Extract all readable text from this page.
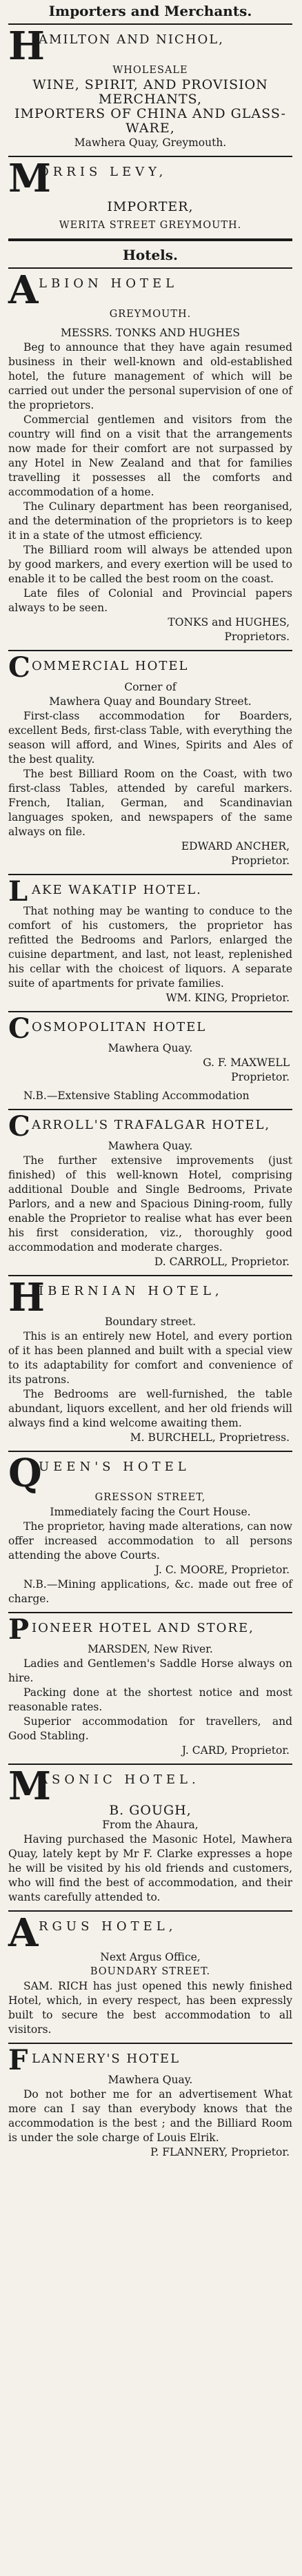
Importers and Merchants.
H
AMILTON AND NICHOL,

WHOLESALE

WINE, SPIRIT, AND PROVISION

MERCHANTS,

IMPORTERS OF CHINA AND GLASS-

WARE,

Mawhera Quay, Greymouth.

M
ORRIS LEVY,

IMPORTER,

WERITA STREET GREYMOUTH.

Hotels.
A LBION HOTEL

GREYMOUTH.

MESSRS. TONKS AND HUGHES

Beg to announce that they have again resumed business in their well-known and old-established hotel, the future management of which will be carried out under the personal supervision of one of the proprietors.

Commercial gentlemen and visitors from the country will find on a visit that the arrangements now made for their comfort are not surpassed by any Hotel in New Zealand and that for families travelling it possesses all the comforts and accommodation of a home.

The Culinary department has been reorganised, and the determination of the proprietors is to keep it in a state of the utmost efficiency.

The Billiard room will always be attended upon by good markers, and every exertion will be used to enable it to be called the best room on the coast.

Late files of Colonial and Provincial papers always to be seen.

TONKS and HUGHES,

Proprietors.

C OMMERCIAL HOTEL

Corner of

Mawhera Quay and Boundary Street.

First-class accommodation for Boarders, excellent Beds, first-class Table, with everything the season will afford, and Wines, Spirits and Ales of the best quality.

The best Billiard Room on the Coast, with two first-class Tables, attended by careful markers. French, Italian, German, and Scandinavian languages spoken, and newspapers of the same always on file.

EDWARD ANCHER,

Proprietor.

L AKE WAKATIP HOTEL.

That nothing may be wanting to conduce to the comfort of his customers, the proprietor has refitted the Bedrooms and Parlors, enlarged the cuisine department, and last, not least, replenished his cellar with the choicest of liquors. A separate suite of apartments for private families.

WM. KING, Proprietor.

C OSMOPOLITAN HOTEL

Mawhera Quay.

G. F. MAXWELL

Proprietor.

N.B.—Extensive Stabling Accommodation

C ARROLL'S TRAFALGAR HOTEL,

Mawhera Quay.

The further extensive improvements (just finished) of this well-known Hotel, comprising additional Double and Single Bedrooms, Private Parlors, and a new and Spacious Dining-room, fully enable the Proprietor to realise what has ever been his first consideration, viz., thoroughly good accommodation and moderate charges.

D. CARROLL, Proprietor.

H
IBERNIAN HOTEL,

Boundary street.

This is an entirely new Hotel, and every portion of it has been planned and built with a special view to its adaptability for comfort and convenience of its patrons.

The Bedrooms are well-furnished, the table abundant, liquors excellent, and her old friends will always find a kind welcome awaiting them.

M. BURCHELL, Proprietress.

Q
UEEN'S HOTEL

GRESSON STREET,

Immediately facing the Court House.

The proprietor, having made alterations, can now offer increased accommodation to all persons attending the above Courts.

J. C. MOORE, Proprietor.

N.B.—Mining applications, &c. made out free of charge.

P IONEER HOTEL AND STORE,

MARSDEN, New River.

Ladies and Gentlemen's Saddle Horse always on hire.

Packing done at the shortest notice and most reasonable rates.

Superior accommodation for travellers, and Good Stabling.

J. CARD, Proprietor.

M
ASONIC HOTEL.

B. GOUGH,

From the Ahaura,

Having purchased the Masonic Hotel, Mawhera Quay, lately kept by Mr F. Clarke expresses a hope he will be visited by his old friends and customers, who will find the best of accommodation, and their wants carefully attended to.

A RGUS HOTEL,

Next Argus Office,

BOUNDARY STREET.

SAM. RICH has just opened this newly finished Hotel, which, in every respect, has been expressly built to secure the best accommodation to all visitors.

F LANNERY'S HOTEL

Mawhera Quay.

Do not bother me for an advertisement What more can I say than everybody knows that the accommodation is the best ; and the Billiard Room is under the sole charge of Louis Elrik.

P. FLANNERY, Proprietor.
